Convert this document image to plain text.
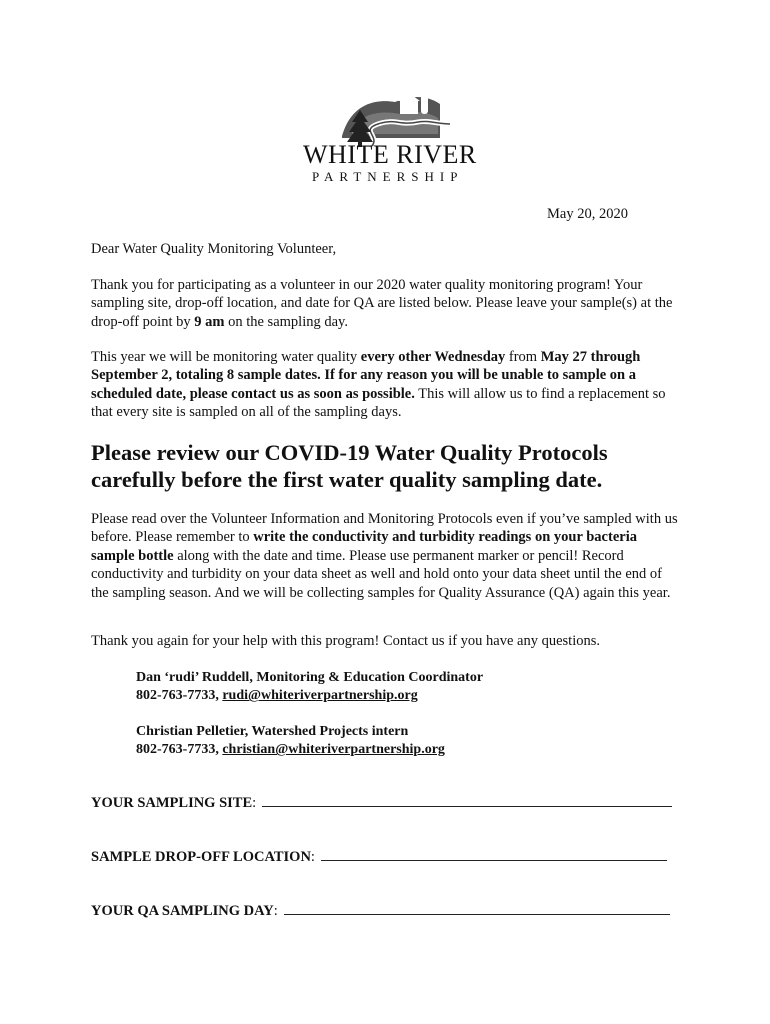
WHITE RIVER
PARTNERSHIP
May 20, 2020
Dear Water Quality Monitoring Volunteer,
Thank you for participating as a volunteer in our 2020 water quality monitoring program! Your sampling site, drop-off location, and date for QA are listed below. Please leave your sample(s) at the drop-off point by 9 am on the sampling day.
This year we will be monitoring water quality every other Wednesday from May 27 through September 2, totaling 8 sample dates. If for any reason you will be unable to sample on a scheduled date, please contact us as soon as possible. This will allow us to find a replacement so that every site is sampled on all of the sampling days.
Please review our COVID-19 Water Quality Protocols carefully before the first water quality sampling date.
Please read over the Volunteer Information and Monitoring Protocols even if you’ve sampled with us before. Please remember to write the conductivity and turbidity readings on your bacteria sample bottle along with the date and time. Please use permanent marker or pencil! Record conductivity and turbidity on your data sheet as well and hold onto your data sheet until the end of the sampling season. And we will be collecting samples for Quality Assurance (QA) again this year.
Thank you again for your help with this program! Contact us if you have any questions.
Dan ‘rudi’ Ruddell, Monitoring & Education Coordinator
802-763-7733, rudi@whiteriverpartnership.org
Christian Pelletier, Watershed Projects intern
802-763-7733, christian@whiteriverpartnership.org
YOUR SAMPLING SITE :
SAMPLE DROP-OFF LOCATION :
YOUR QA SAMPLING DAY :
